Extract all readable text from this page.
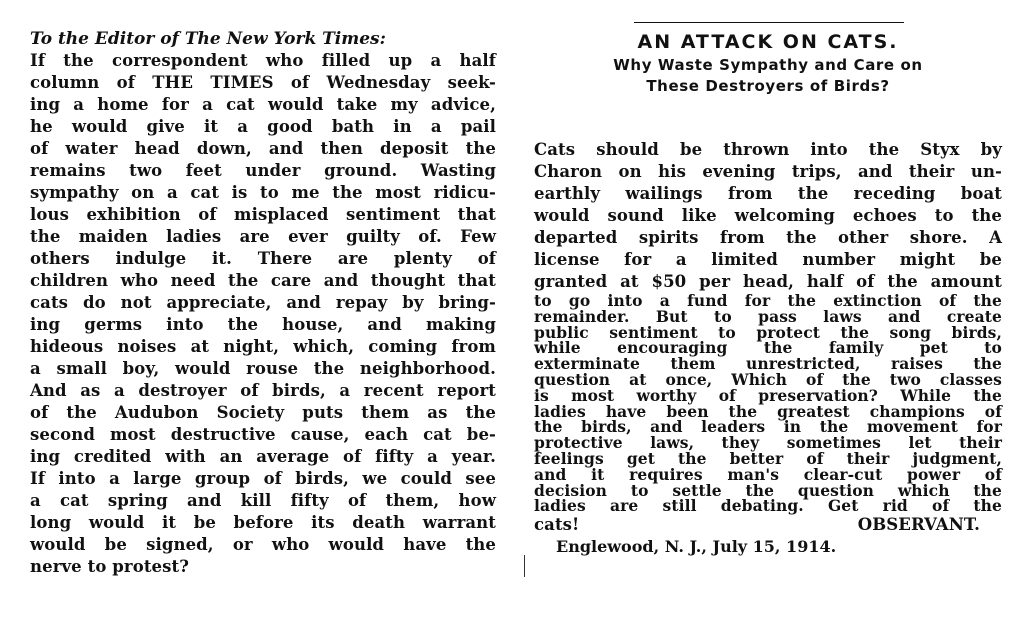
To the Editor of The New York Times:
If the correspondent who filled up a half
column of THE TIMES of Wednesday seek-
ing a home for a cat would take my advice,
he would give it a good bath in a pail
of water head down, and then deposit the
remains two feet under ground. Wasting
sympathy on a cat is to me the most ridicu-
lous exhibition of misplaced sentiment that
the maiden ladies are ever guilty of. Few
others indulge it. There are plenty of
children who need the care and thought that
cats do not appreciate, and repay by bring-
ing germs into the house, and making
hideous noises at night, which, coming from
a small boy, would rouse the neighborhood.
And as a destroyer of birds, a recent report
of the Audubon Society puts them as the
second most destructive cause, each cat be-
ing credited with an average of fifty a year.
If into a large group of birds, we could see
a cat spring and kill fifty of them, how
long would it be before its death warrant
would be signed, or who would have the
nerve to protest?
AN ATTACK ON CATS.
Why Waste Sympathy and Care on
These Destroyers of Birds?
Cats should be thrown into the Styx by
Charon on his evening trips, and their un-
earthly wailings from the receding boat
would sound like welcoming echoes to the
departed spirits from the other shore. A
license for a limited number might be
granted at $50 per head, half of the amount
to go into a fund for the extinction of the
remainder. But to pass laws and create
public sentiment to protect the song birds,
while encouraging the family pet to
exterminate them unrestricted, raises the
question at once, Which of the two classes
is most worthy of preservation? While the
ladies have been the greatest champions of
the birds, and leaders in the movement for
protective laws, they sometimes let their
feelings get the better of their judgment,
and it requires man's clear-cut power of
decision to settle the question which the
ladies are still debating. Get rid of the
cats!	OBSERVANT.
Englewood, N. J., July 15, 1914.
